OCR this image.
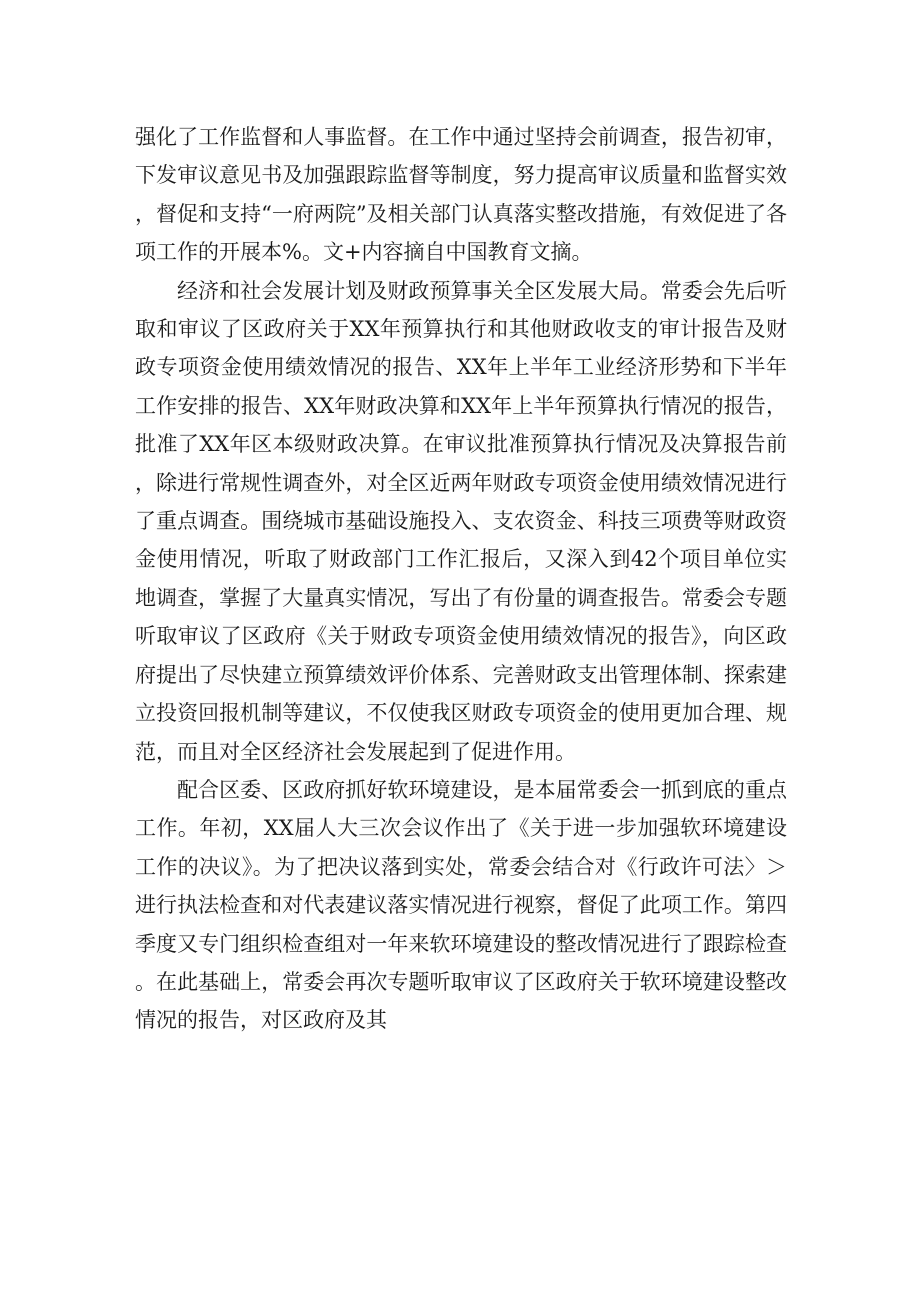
强化了工作监督和人事监督。在工作中通过坚持会前调查，报告初审，下发审议意见书及加强跟踪监督等制度，努力提高审议质量和监督实效，督促和支持“一府两院”及相关部门认真落实整改措施，有效促进了各项工作的开展本%。文+内容摘自中国教育文摘。

经济和社会发展计划及财政预算事关全区发展大局。常委会先后听取和审议了区政府关于XX年预算执行和其他财政收支的审计报告及财政专项资金使用绩效情况的报告、XX年上半年工业经济形势和下半年工作安排的报告、XX年财政决算和XX年上半年预算执行情况的报告，批准了XX年区本级财政决算。在审议批准预算执行情况及决算报告前，除进行常规性调查外，对全区近两年财政专项资金使用绩效情况进行了重点调查。围绕城市基础设施投入、支农资金、科技三项费等财政资金使用情况，听取了财政部门工作汇报后，又深入到42个项目单位实地调查，掌握了大量真实情况，写出了有份量的调查报告。常委会专题听取审议了区政府《关于财政专项资金使用绩效情况的报告》，向区政府提出了尽快建立预算绩效评价体系、完善财政支出管理体制、探索建立投资回报机制等建议，不仅使我区财政专项资金的使用更加合理、规范，而且对全区经济社会发展起到了促进作用。

配合区委、区政府抓好软环境建设，是本届常委会一抓到底的重点工作。年初，XX届人大三次会议作出了《关于进一步加强软环境建设工作的决议》。为了把决议落到实处，常委会结合对《行政许可法〉＞进行执法检查和对代表建议落实情况进行视察，督促了此项工作。第四季度又专门组织检查组对一年来软环境建设的整改情况进行了跟踪检查。在此基础上，常委会再次专题听取审议了区政府关于软环境建设整改情况的报告，对区政府及其
